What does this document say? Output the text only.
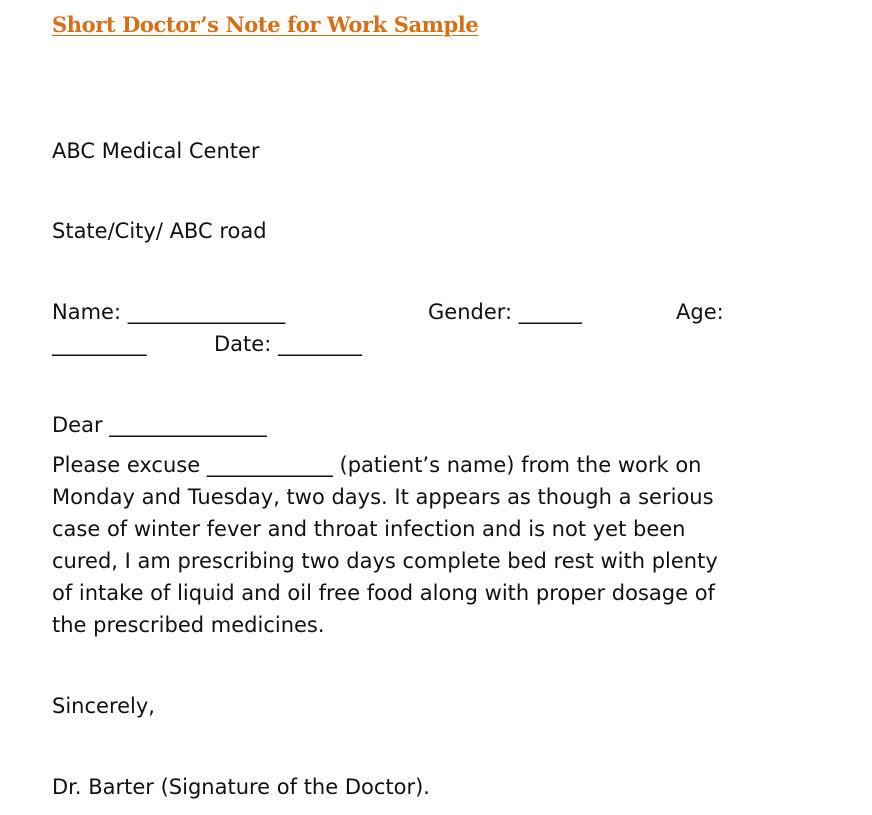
Short Doctor’s Note for Work Sample
ABC Medical Center
State/City/ ABC road
Name: _______________	Gender: ______	Age:
_________	Date: ________
Dear _______________
Please excuse ____________ (patient’s name) from the work on
Monday and Tuesday, two days. It appears as though a serious
case of winter fever and throat infection and is not yet been
cured, I am prescribing two days complete bed rest with plenty
of intake of liquid and oil free food along with proper dosage of
the prescribed medicines.
Sincerely,
Dr. Barter (Signature of the Doctor).
